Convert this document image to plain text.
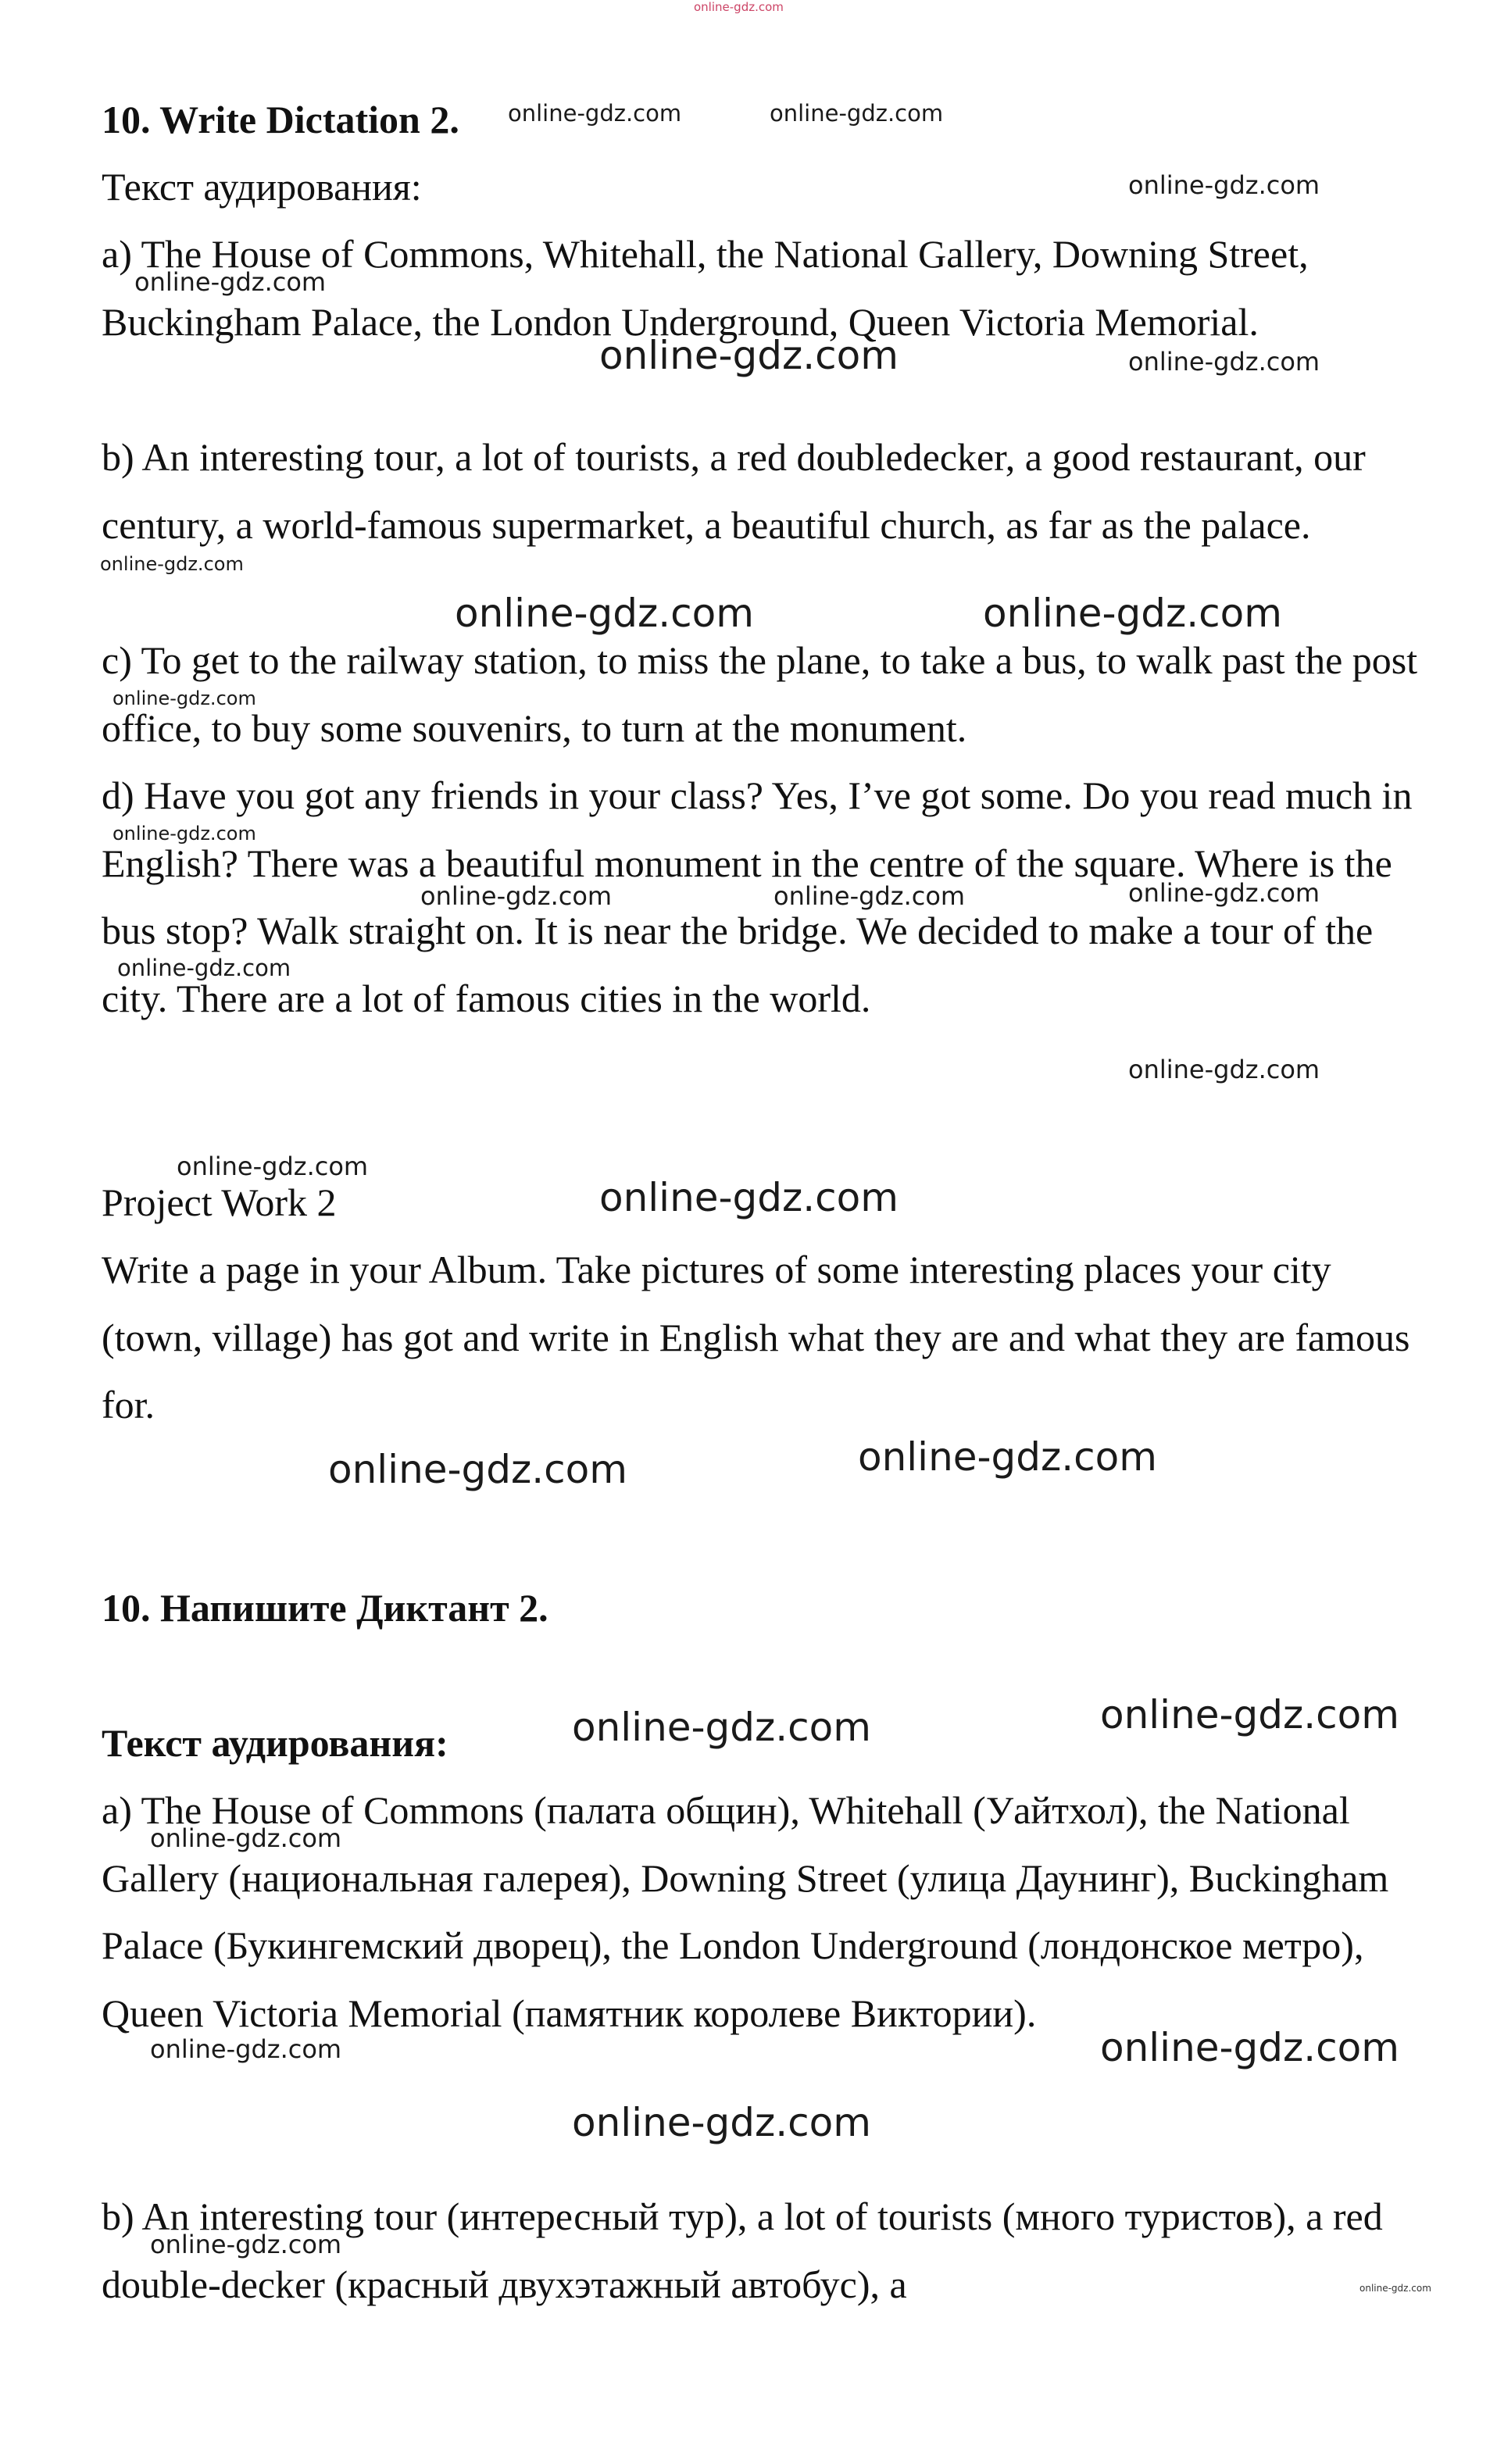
10. Write Dictation 2.
Текст аудирования:
a) The House of Commons, Whitehall, the National Gallery, Downing Street, Buckingham Palace, the London Underground, Queen Victoria Memorial.
b) An interesting tour, a lot of tourists, a red doubledecker, a good restaurant, our century, a world-famous supermarket, a beautiful church, as far as the palace.
c) To get to the railway station, to miss the plane, to take a bus, to walk past the post office, to buy some souvenirs, to turn at the monument.
d) Have you got any friends in your class? Yes, I’ve got some. Do you read much in English? There was a beautiful monument in the centre of the square. Where is the bus stop? Walk straight on. It is near the bridge. We decided to make a tour of the city. There are a lot of famous cities in the world.
Project Work 2
Write a page in your Album. Take pictures of some interesting places your city (town, village) has got and write in English what they are and what they are famous for.
10. Напишите Диктант 2.
Текст аудирования:
a) The House of Commons (палата общин), Whitehall (Уайтхол), the National Gallery (национальная галерея), Downing Street (улица Даунинг), Buckingham Palace (Букингемский дворец), the London Underground (лондонское метро), Queen Victoria Memorial (памятник королеве Виктории).
b) An interesting tour (интересный тур), a lot of tourists (много туристов), a red double-decker (красный двухэтажный автобус), a
online-gdz.com
online-gdz.com	online-gdz.com
online-gdz.com
online-gdz.com
online-gdz.com	online-gdz.com
online-gdz.com
online-gdz.com	online-gdz.com
online-gdz.com
online-gdz.com
online-gdz.com	online-gdz.com	online-gdz.com
online-gdz.com
online-gdz.com
online-gdz.com
online-gdz.com
online-gdz.com	online-gdz.com
online-gdz.com	online-gdz.com
online-gdz.com
online-gdz.com	online-gdz.com
online-gdz.com
online-gdz.com
online-gdz.com
